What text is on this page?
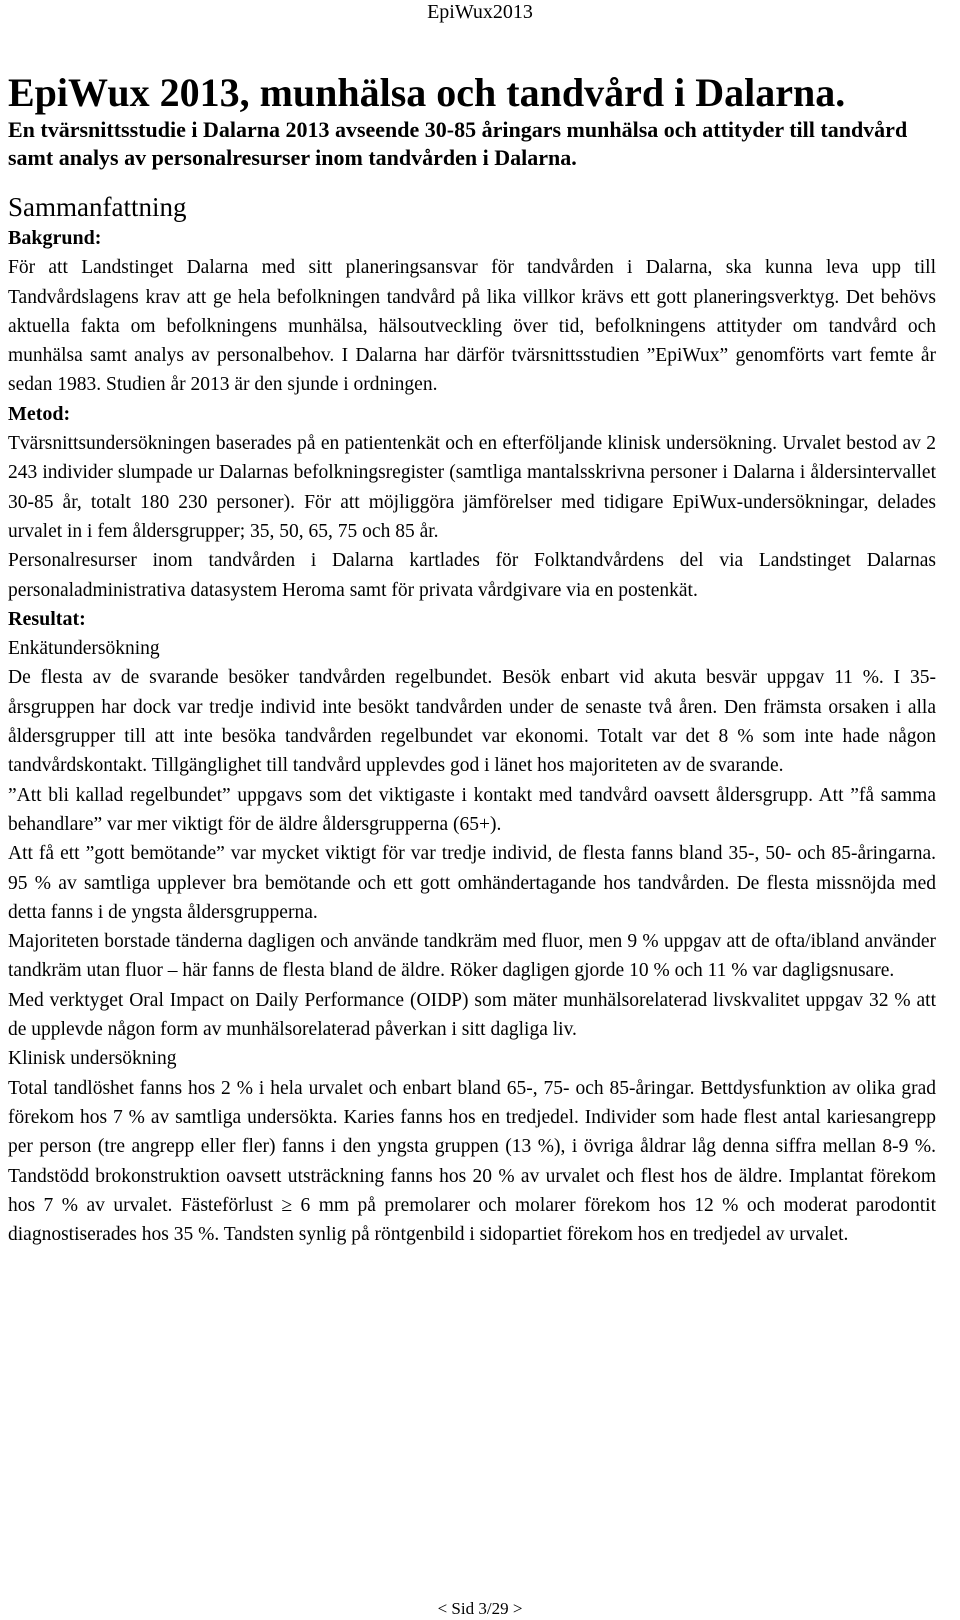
EpiWux2013
EpiWux 2013, munhälsa och tandvård i Dalarna.
En tvärsnittsstudie i Dalarna 2013 avseende 30-85 åringars munhälsa och attityder till tandvård samt analys av personalresurser inom tandvården i Dalarna.
Sammanfattning
Bakgrund:

För att Landstinget Dalarna med sitt planeringsansvar för tandvården i Dalarna, ska kunna leva upp till Tandvårdslagens krav att ge hela befolkningen tandvård på lika villkor krävs ett gott planeringsverktyg. Det behövs aktuella fakta om befolkningens munhälsa, hälsoutveckling över tid, befolkningens attityder om tandvård och munhälsa samt analys av personalbehov. I Dalarna har därför tvärsnittsstudien ”EpiWux” genomförts vart femte år sedan 1983. Studien år 2013 är den sjunde i ordningen.

Metod:

Tvärsnittsundersökningen baserades på en patientenkät och en efterföljande klinisk undersökning. Urvalet bestod av 2 243 individer slumpade ur Dalarnas befolkningsregister (samtliga mantalsskrivna personer i Dalarna i åldersintervallet 30-85 år, totalt 180 230 personer). För att möjliggöra jämförelser med tidigare EpiWux-undersökningar, delades urvalet in i fem åldersgrupper; 35, 50, 65, 75 och 85 år.

Personalresurser inom tandvården i Dalarna kartlades för Folktandvårdens del via Landstinget Dalarnas personaladministrativa datasystem Heroma samt för privata vårdgivare via en postenkät.

Resultat:
Enkätundersökning

De flesta av de svarande besöker tandvården regelbundet. Besök enbart vid akuta besvär uppgav 11 %. I 35-årsgruppen har dock var tredje individ inte besökt tandvården under de senaste två åren. Den främsta orsaken i alla åldersgrupper till att inte besöka tandvården regelbundet var ekonomi. Totalt var det 8 % som inte hade någon tandvårdskontakt. Tillgänglighet till tandvård upplevdes god i länet hos majoriteten av de svarande.

”Att bli kallad regelbundet” uppgavs som det viktigaste i kontakt med tandvård oavsett åldersgrupp. Att ”få samma behandlare” var mer viktigt för de äldre åldersgrupperna (65+).

Att få ett ”gott bemötande” var mycket viktigt för var tredje individ, de flesta fanns bland 35-, 50- och 85-åringarna. 95 % av samtliga upplever bra bemötande och ett gott omhändertagande hos tandvården. De flesta missnöjda med detta fanns i de yngsta åldersgrupperna.

Majoriteten borstade tänderna dagligen och använde tandkräm med fluor, men 9 % uppgav att de ofta/ibland använder tandkräm utan fluor – här fanns de flesta bland de äldre. Röker dagligen gjorde 10 % och 11 % var dagligsnusare.

Med verktyget Oral Impact on Daily Performance (OIDP) som mäter munhälsorelaterad livskvalitet uppgav 32 % att de upplevde någon form av munhälsorelaterad påverkan i sitt dagliga liv.

Klinisk undersökning

Total tandlöshet fanns hos 2 % i hela urvalet och enbart bland 65-, 75- och 85-åringar. Bettdysfunktion av olika grad förekom hos 7 % av samtliga undersökta. Karies fanns hos en tredjedel. Individer som hade flest antal kariesangrepp per person (tre angrepp eller fler) fanns i den yngsta gruppen (13 %), i övriga åldrar låg denna siffra mellan 8-9 %. Tandstödd brokonstruktion oavsett utsträckning fanns hos 20 % av urvalet och flest hos de äldre. Implantat förekom hos 7 % av urvalet. Fästeförlust ≥ 6 mm på premolarer och molarer förekom hos 12 % och moderat parodontit diagnostiserades hos 35 %. Tandsten synlig på röntgenbild i sidopartiet förekom hos en tredjedel av urvalet.

< Sid 3/29 >
